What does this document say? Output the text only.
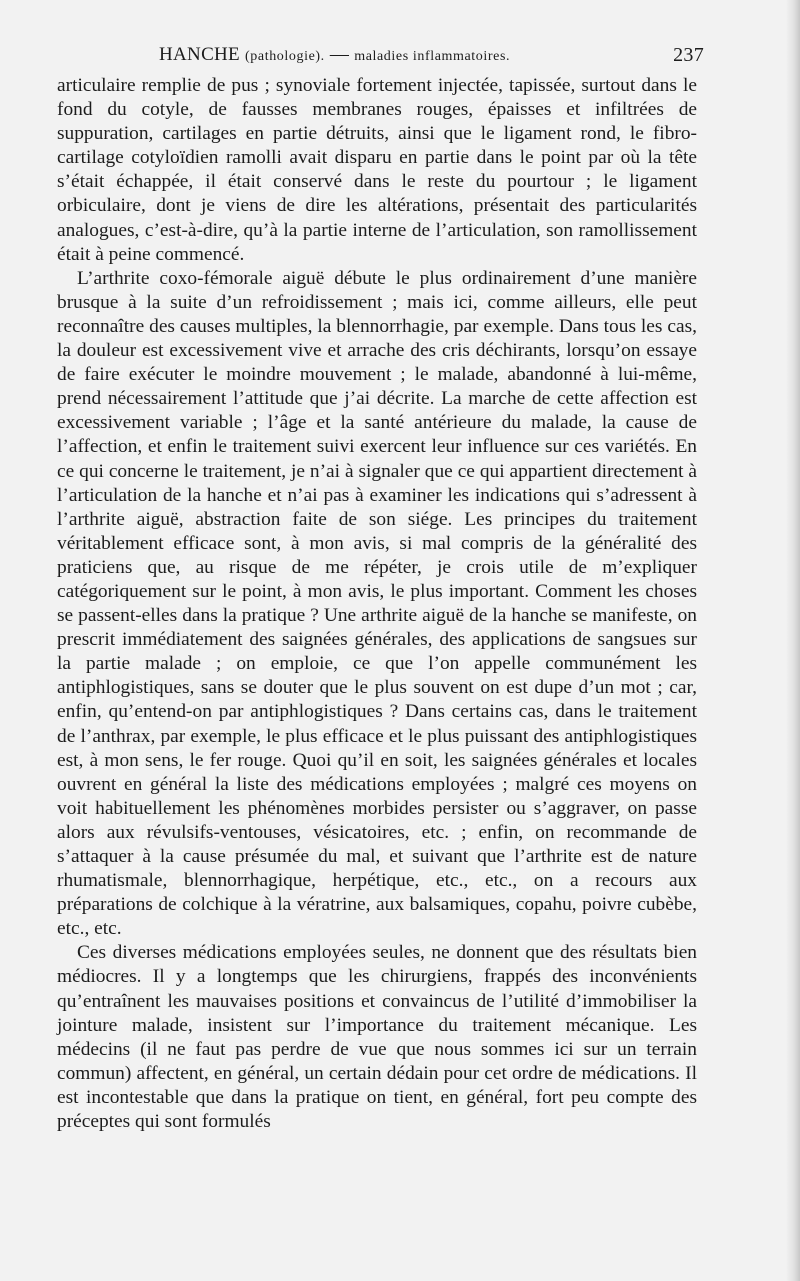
HANCHE (pathologie). — maladies inflammatoires.	237

articulaire remplie de pus ; synoviale fortement injectée, tapissée, surtout dans le fond du cotyle, de fausses membranes rouges, épaisses et infiltrées de suppuration, cartilages en partie détruits, ainsi que le ligament rond, le fibro-cartilage cotyloïdien ramolli avait disparu en partie dans le point par où la tête s’était échappée, il était conservé dans le reste du pourtour ; le ligament orbiculaire, dont je viens de dire les altérations, présentait des particularités analogues, c’est-à-dire, qu’à la partie interne de l’articulation, son ramollissement était à peine commencé.

L’arthrite coxo-fémorale aiguë débute le plus ordinairement d’une manière brusque à la suite d’un refroidissement ; mais ici, comme ailleurs, elle peut reconnaître des causes multiples, la blennorrhagie, par exemple. Dans tous les cas, la douleur est excessivement vive et arrache des cris déchirants, lorsqu’on essaye de faire exécuter le moindre mouvement ; le malade, abandonné à lui-même, prend nécessairement l’attitude que j’ai décrite. La marche de cette affection est excessivement variable ; l’âge et la santé antérieure du malade, la cause de l’affection, et enfin le traitement suivi exercent leur influence sur ces variétés. En ce qui concerne le traitement, je n’ai à signaler que ce qui appartient directement à l’articulation de la hanche et n’ai pas à examiner les indications qui s’adressent à l’arthrite aiguë, abstraction faite de son siége. Les principes du traitement véritablement efficace sont, à mon avis, si mal compris de la généralité des praticiens que, au risque de me répéter, je crois utile de m’expliquer catégoriquement sur le point, à mon avis, le plus important. Comment les choses se passent-elles dans la pratique ? Une arthrite aiguë de la hanche se manifeste, on prescrit immédiatement des saignées générales, des applications de sangsues sur la partie malade ; on emploie, ce que l’on appelle communément les antiphlogistiques, sans se douter que le plus souvent on est dupe d’un mot ; car, enfin, qu’entend-on par antiphlogistiques ? Dans certains cas, dans le traitement de l’anthrax, par exemple, le plus efficace et le plus puissant des antiphlogistiques est, à mon sens, le fer rouge. Quoi qu’il en soit, les saignées générales et locales ouvrent en général la liste des médications employées ; malgré ces moyens on voit habituellement les phénomènes morbides persister ou s’aggraver, on passe alors aux révulsifs-ventouses, vésicatoires, etc. ; enfin, on recommande de s’attaquer à la cause présumée du mal, et suivant que l’arthrite est de nature rhumatismale, blennorrhagique, herpétique, etc., etc., on a recours aux préparations de colchique à la vératrine, aux balsamiques, copahu, poivre cubèbe, etc., etc.

Ces diverses médications employées seules, ne donnent que des résultats bien médiocres. Il y a longtemps que les chirurgiens, frappés des inconvénients qu’entraînent les mauvaises positions et convaincus de l’utilité d’immobiliser la jointure malade, insistent sur l’importance du traitement mécanique. Les médecins (il ne faut pas perdre de vue que nous sommes ici sur un terrain commun) affectent, en général, un certain dédain pour cet ordre de médications. Il est incontestable que dans la pratique on tient, en général, fort peu compte des préceptes qui sont formulés
